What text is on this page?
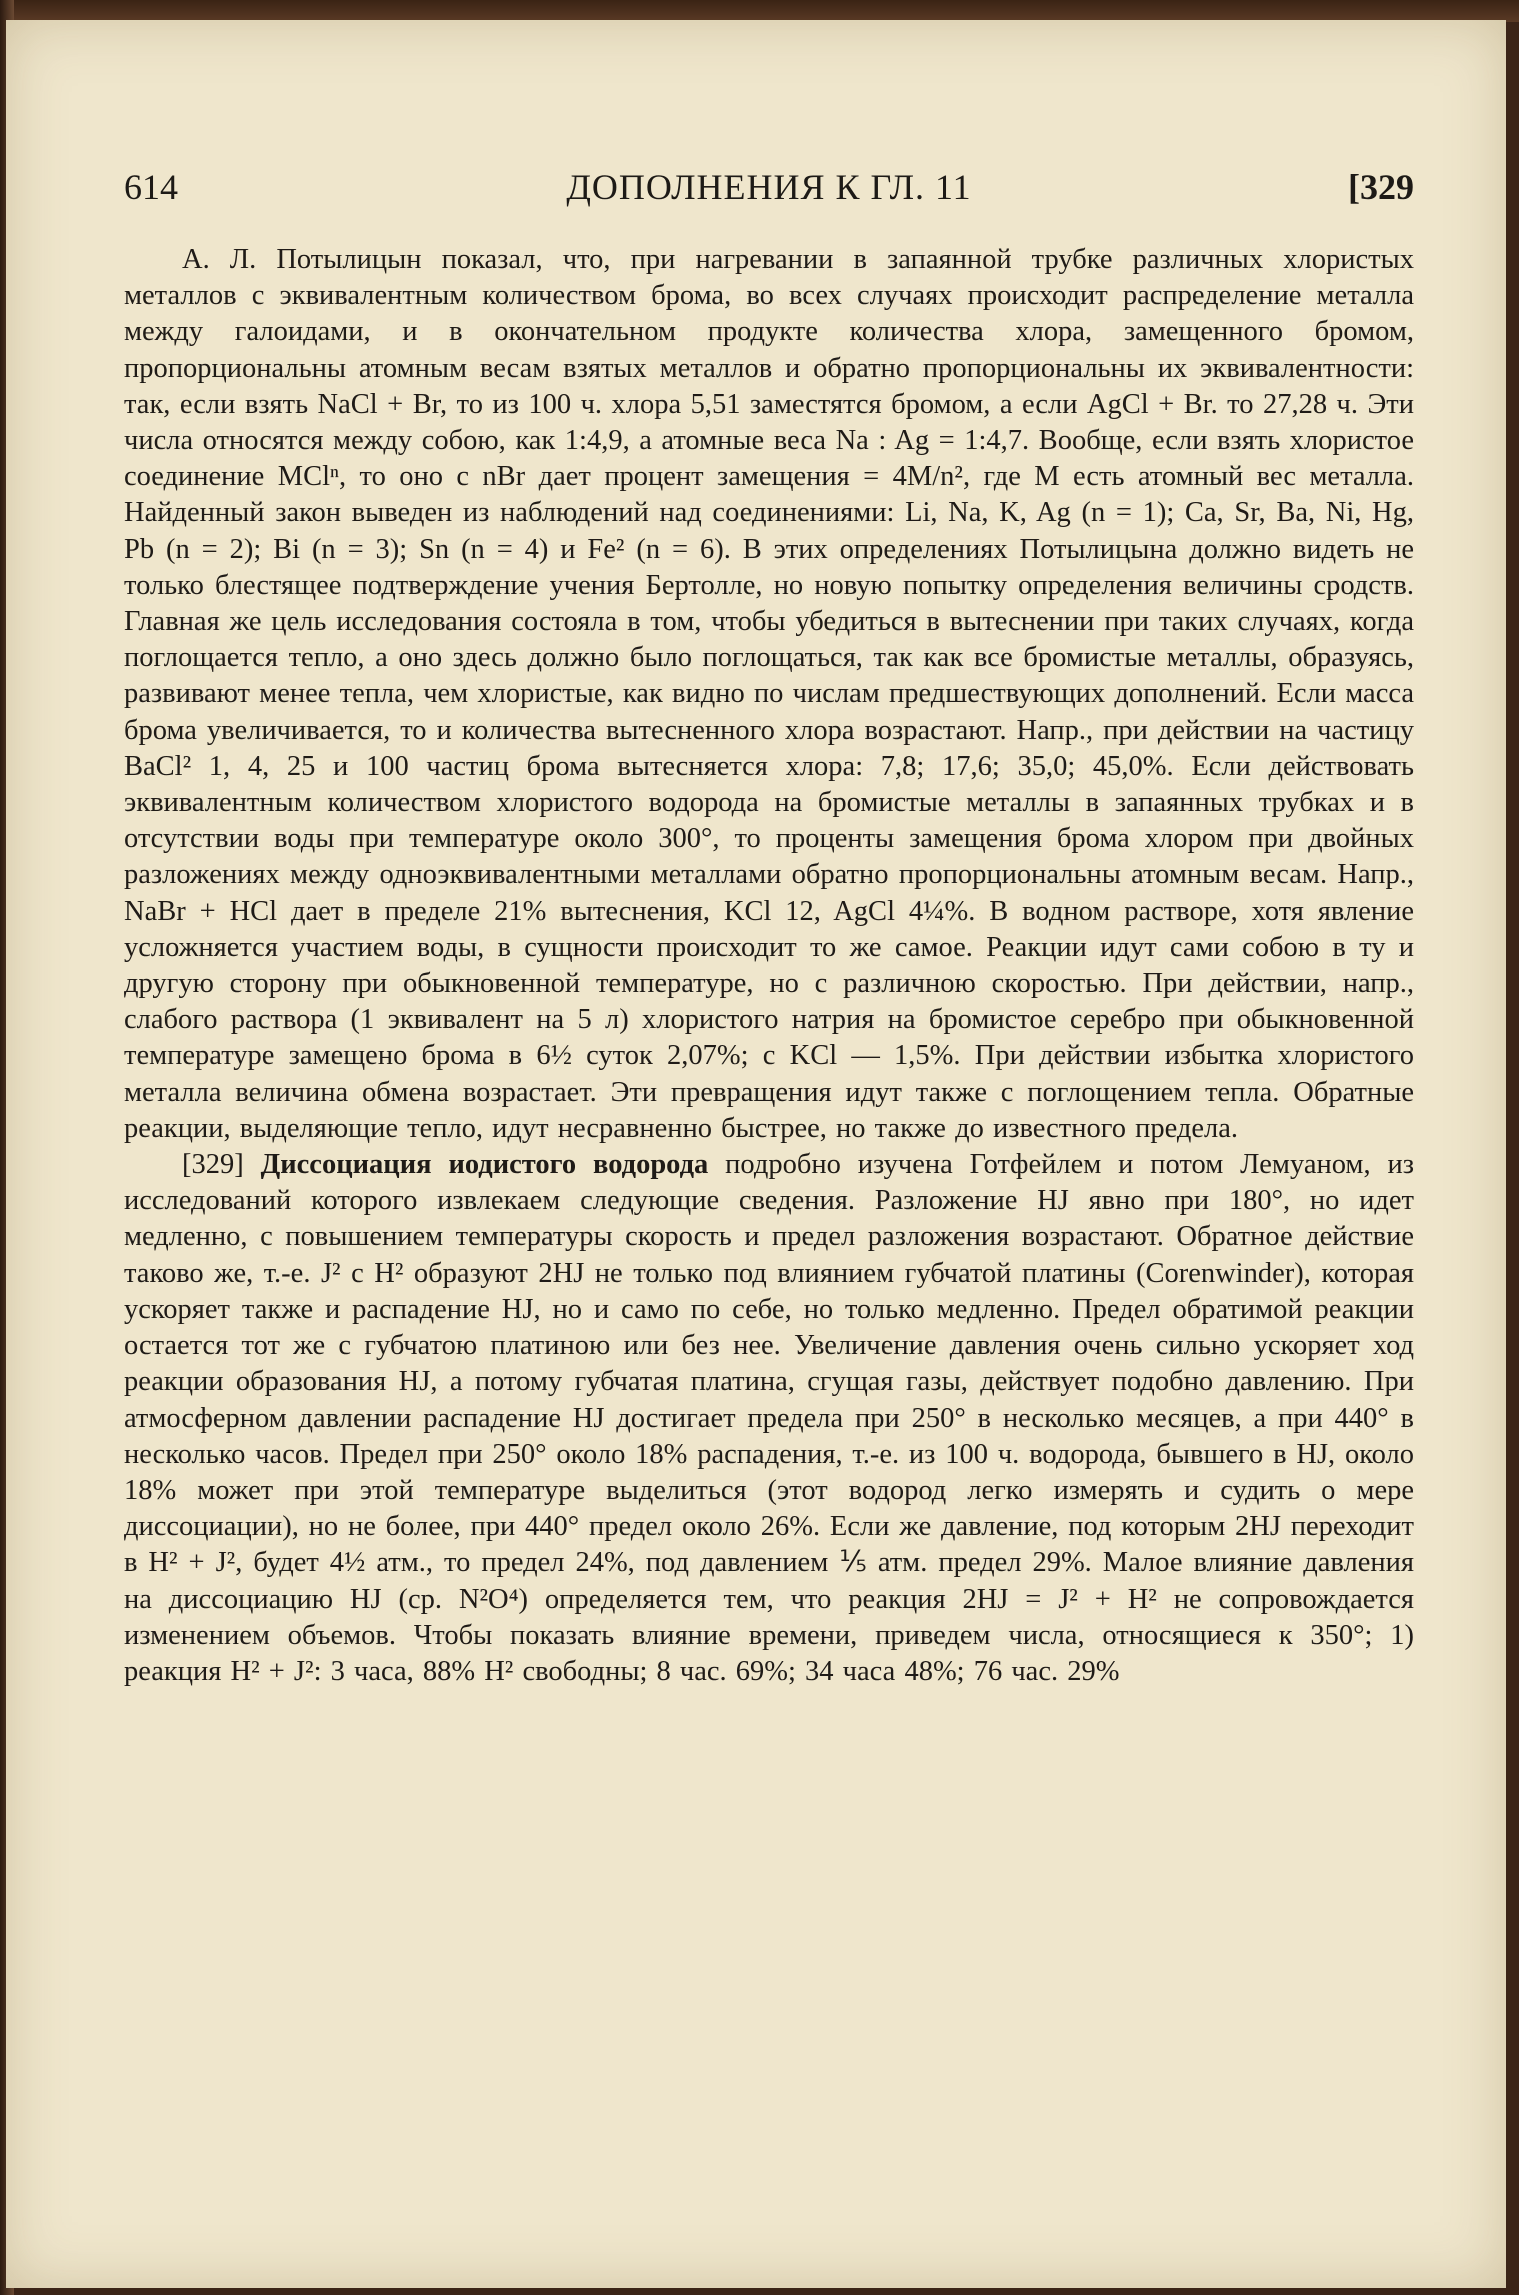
614	ДОПОЛНЕНИЯ К ГЛ. 11	[329

А. Л. Потылицын показал, что, при нагревании в запаянной трубке различных хлористых металлов с эквивалентным количеством брома, во всех случаях происходит распределение металла между галоидами, и в окончательном продукте количества хлора, замещенного бромом, пропорциональны атомным весам взятых металлов и обратно пропорциональны их эквивалентности: так, если взять NaCl + Br, то из 100 ч. хлора 5,51 заместятся бромом, а если AgCl + Br. то 27,28 ч. Эти числа относятся между собою, как 1:4,9, а атомные веса Na : Ag = 1:4,7. Вообще, если взять хлористое соединение MClⁿ, то оно с nBr дает процент замещения = 4M/n², где M есть атомный вес металла. Найденный закон выведен из наблюдений над соединениями: Li, Na, K, Ag (n = 1); Ca, Sr, Ba, Ni, Hg, Pb (n = 2); Bi (n = 3); Sn (n = 4) и Fe² (n = 6). В этих определениях Потылицына должно видеть не только блестящее подтверждение учения Бертолле, но новую попытку определения величины сродств. Главная же цель исследования состояла в том, чтобы убедиться в вытеснении при таких случаях, когда поглощается тепло, а оно здесь должно было поглощаться, так как все бромистые металлы, образуясь, развивают менее тепла, чем хлористые, как видно по числам предшествующих дополнений. Если масса брома увеличивается, то и количества вытесненного хлора возрастают. Напр., при действии на частицу BaCl² 1, 4, 25 и 100 частиц брома вытесняется хлора: 7,8; 17,6; 35,0; 45,0%. Если действовать эквивалентным количеством хлористого водорода на бромистые металлы в запаянных трубках и в отсутствии воды при температуре около 300°, то проценты замещения брома хлором при двойных разложениях между одноэквивалентными металлами обратно пропорциональны атомным весам. Напр., NaBr + HCl дает в пределе 21% вытеснения, KCl 12, AgCl 4¼%. В водном растворе, хотя явление усложняется участием воды, в сущности происходит то же самое. Реакции идут сами собою в ту и другую сторону при обыкновенной температуре, но с различною скоростью. При действии, напр., слабого раствора (1 эквивалент на 5 л) хлористого натрия на бромистое серебро при обыкновенной температуре замещено брома в 6½ суток 2,07%; с KCl — 1,5%. При действии избытка хлористого металла величина обмена возрастает. Эти превращения идут также с поглощением тепла. Обратные реакции, выделяющие тепло, идут несравненно быстрее, но также до известного предела.

[329] Диссоциация иодистого водорода подробно изучена Готфейлем и потом Лемуаном, из исследований которого извлекаем следующие сведения. Разложение HJ явно при 180°, но идет медленно, с повышением температуры скорость и предел разложения возрастают. Обратное действие таково же, т.-е. J² с H² образуют 2HJ не только под влиянием губчатой платины (Corenwinder), которая ускоряет также и распадение HJ, но и само по себе, но только медленно. Предел обратимой реакции остается тот же с губчатою платиною или без нее. Увеличение давления очень сильно ускоряет ход реакции образования HJ, а потому губчатая платина, сгущая газы, действует подобно давлению. При атмосферном давлении распадение HJ достигает предела при 250° в несколько месяцев, а при 440° в несколько часов. Предел при 250° около 18% распадения, т.-е. из 100 ч. водорода, бывшего в HJ, около 18% может при этой температуре выделиться (этот водород легко измерять и судить о мере диссоциации), но не более, при 440° предел около 26%. Если же давление, под которым 2HJ переходит в H² + J², будет 4½ атм., то предел 24%, под давлением ⅕ атм. предел 29%. Малое влияние давления на диссоциацию HJ (ср. N²O⁴) определяется тем, что реакция 2HJ = J² + H² не сопровождается изменением объемов. Чтобы показать влияние времени, приведем числа, относящиеся к 350°; 1) реакция H² + J²: 3 часа, 88% H² свободны; 8 час. 69%; 34 часа 48%; 76 час. 29%
